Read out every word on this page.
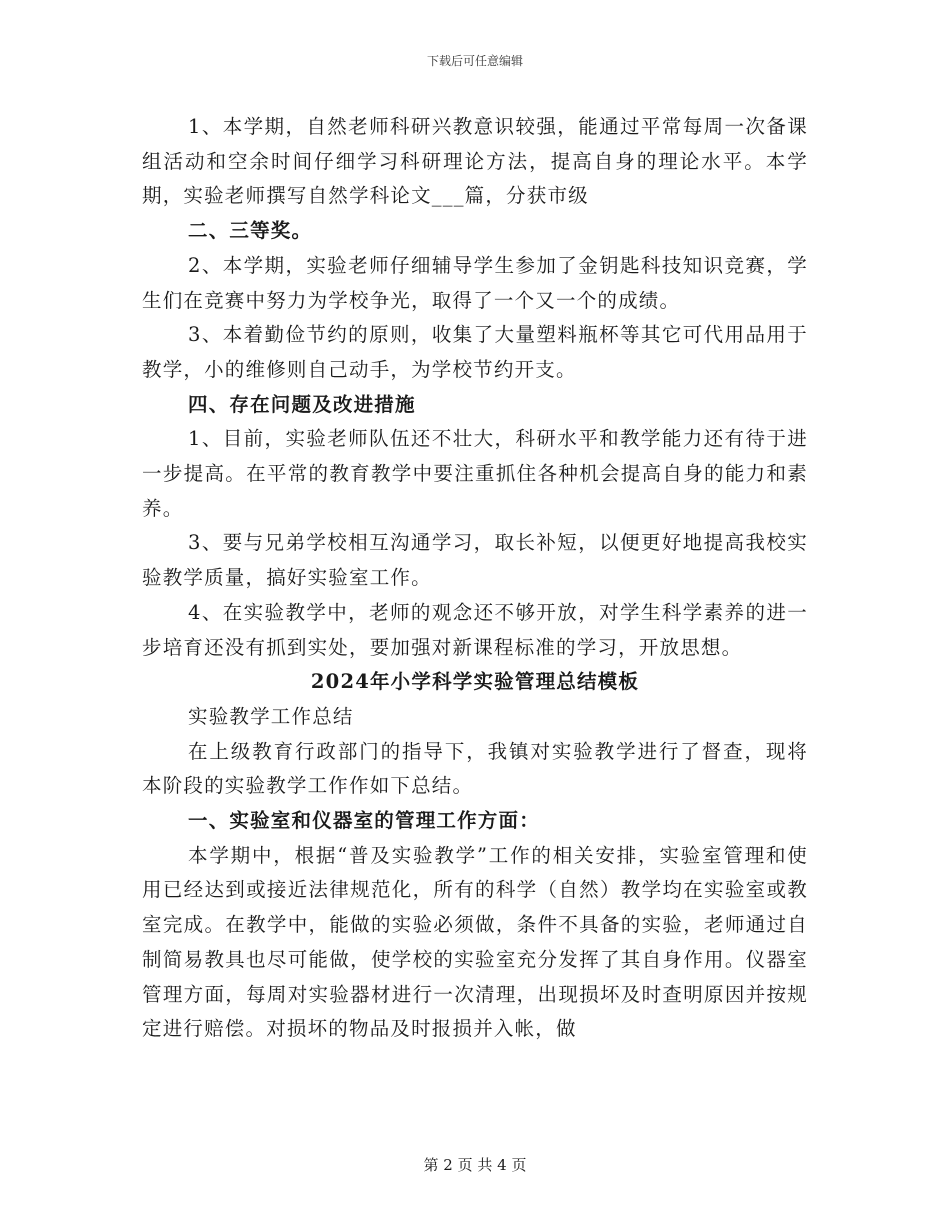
下载后可任意编辑

1、本学期，自然老师科研兴教意识较强，能通过平常每周一次备课组活动和空余时间仔细学习科研理论方法，提高自身的理论水平。本学期，实验老师撰写自然学科论文___篇，分获市级

二、三等奖。

2、本学期，实验老师仔细辅导学生参加了金钥匙科技知识竞赛，学生们在竞赛中努力为学校争光，取得了一个又一个的成绩。

3、本着勤俭节约的原则，收集了大量塑料瓶杯等其它可代用品用于教学，小的维修则自己动手，为学校节约开支。

四、存在问题及改进措施

1、目前，实验老师队伍还不壮大，科研水平和教学能力还有待于进一步提高。在平常的教育教学中要注重抓住各种机会提高自身的能力和素养。

3、要与兄弟学校相互沟通学习，取长补短，以便更好地提高我校实验教学质量，搞好实验室工作。

4、在实验教学中，老师的观念还不够开放，对学生科学素养的进一步培育还没有抓到实处，要加强对新课程标准的学习，开放思想。

2024年小学科学实验管理总结模板

实验教学工作总结

在上级教育行政部门的指导下，我镇对实验教学进行了督查，现将本阶段的实验教学工作作如下总结。

一、实验室和仪器室的管理工作方面：

本学期中，根据“普及实验教学”工作的相关安排，实验室管理和使用已经达到或接近法律规范化，所有的科学（自然）教学均在实验室或教室完成。在教学中，能做的实验必须做，条件不具备的实验，老师通过自制简易教具也尽可能做，使学校的实验室充分发挥了其自身作用。仪器室管理方面，每周对实验器材进行一次清理，出现损坏及时查明原因并按规定进行赔偿。对损坏的物品及时报损并入帐，做

第 2 页 共 4 页
